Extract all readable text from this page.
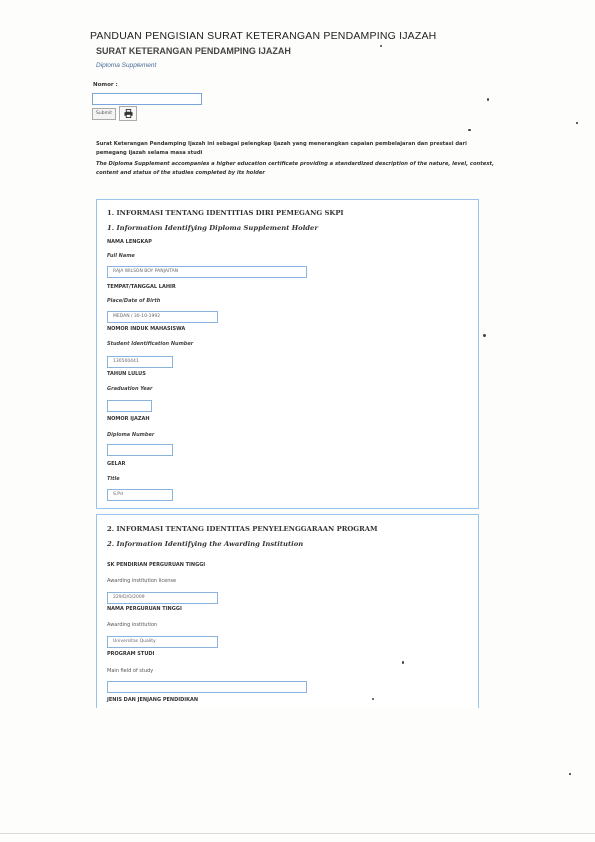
PANDUAN PENGISIAN SURAT KETERANGAN PENDAMPING IJAZAH
SURAT KETERANGAN PENDAMPING IJAZAH
Diploma Supplement
Nomor :
Submit
Surat Keterangan Pendamping Ijazah ini sebagai pelengkap ijazah yang menerangkan capaian pembelajaran dan prestasi dari pemegang ijazah selama masa studi
The Diploma Supplement accompanies a higher education certificate providing a standardized description of the nature, level, context, content and status of the studies completed by its holder
1. INFORMASI TENTANG IDENTITIAS DIRI PEMEGANG SKPI
1. Information Identifying Diploma Supplement Holder
NAMA LENGKAP
Full Name
RAJA WILSON BOY PANJAITAN
TEMPAT/TANGGAL LAHIR
Place/Date of Birth
MEDAN / 30-10-1992
NOMOR INDUK MAHASISWA
Student Identification Number
130500441
TAHUN LULUS
Graduation Year
NOMOR IJAZAH
Diploma Number
GELAR
Title
S.Pd
2. INFORMASI TENTANG IDENTITAS PENYELENGGARAAN PROGRAM
2. Information Identifying the Awarding Institution
SK PENDIRIAN PERGURUAN TINGGI
Awarding institution license
229/D/O/2009
NAMA PERGURUAN TINGGI
Awarding institution
Universitas Quality
PROGRAM STUDI
Main field of study
JENIS DAN JENJANG PENDIDIKAN
